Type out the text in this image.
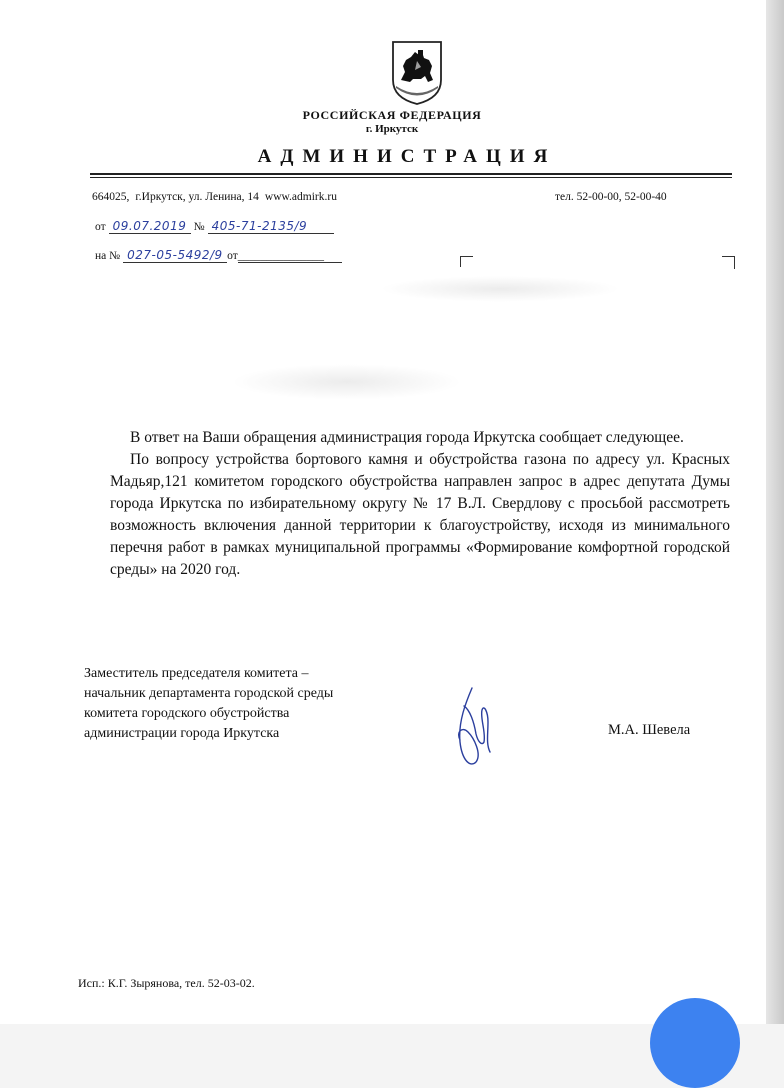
РОССИЙСКАЯ ФЕДЕРАЦИЯ
г. Иркутск
АДМИНИСТРАЦИЯ
664025, г.Иркутск, ул. Ленина, 14 www.admirk.ru	тел. 52-00-00, 52-00-40
от 09.07.2019 № 405-71-2135/9
на № 027-05-5492/9 от_______________

В ответ на Ваши обращения администрация города Иркутска сообщает следующее.

По вопросу устройства бортового камня и обустройства газона по адресу ул. Красных Мадьяр,121 комитетом городского обустройства направлен запрос в адрес депутата Думы города Иркутска по избирательному округу № 17 В.Л. Свердлову с просьбой рассмотреть возможность включения данной территории к благоустройству, исходя из минимального перечня работ в рамках муниципальной программы «Формирование комфортной городской среды» на 2020 год.

Заместитель председателя комитета –
начальник департамента городской среды
комитета городского обустройства
администрации города Иркутска	М.А. Шевела
Исп.: К.Г. Зырянова, тел. 52-03-02.
